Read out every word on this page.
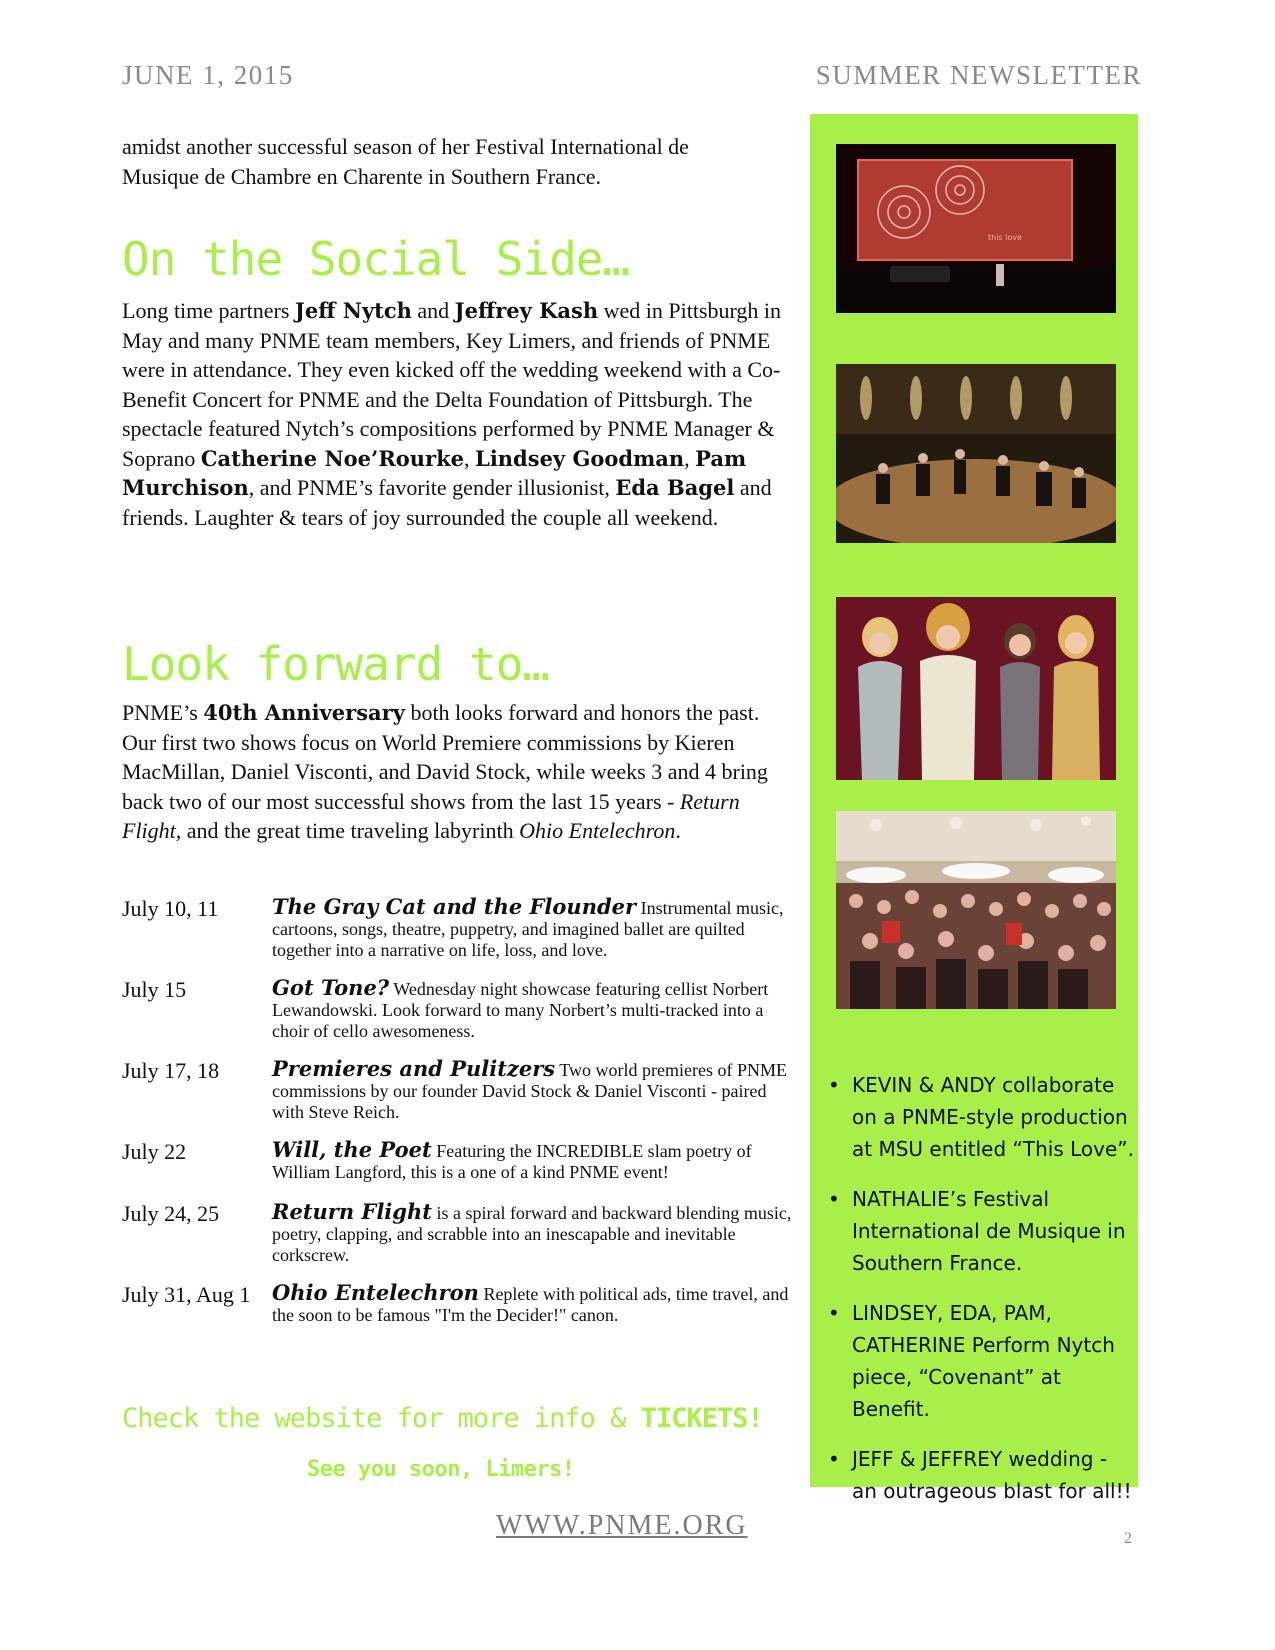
JUNE 1, 2015	SUMMER NEWSLETTER

amidst another successful season of her Festival International de
Musique de Chambre en Charente in Southern France.

On the Social Side…

Long time partners Jeff Nytch and Jeffrey Kash wed in Pittsburgh in May and many PNME team members, Key Limers, and friends of PNME were in attendance. They even kicked off the wedding weekend with a Co-Benefit Concert for PNME and the Delta Foundation of Pittsburgh. The spectacle featured Nytch’s compositions performed by PNME Manager & Soprano Catherine Noe’Rourke, Lindsey Goodman, Pam Murchison, and PNME’s favorite gender illusionist, Eda Bagel and friends. Laughter & tears of joy surrounded the couple all weekend.

Look forward to…

PNME’s 40th Anniversary both looks forward and honors the past. Our first two shows focus on World Premiere commissions by Kieren MacMillan, Daniel Visconti, and David Stock, while weeks 3 and 4 bring back two of our most successful shows from the last 15 years - Return Flight, and the great time traveling labyrinth Ohio Entelechron.

July 10, 11	The Gray Cat and the Flounder Instrumental music, cartoons, songs, theatre, puppetry, and imagined ballet are quilted together into a narrative on life, loss, and love.
July 15	Got Tone? Wednesday night showcase featuring cellist Norbert Lewandowski. Look forward to many Norbert’s multi-tracked into a choir of cello awesomeness.
July 17, 18	Premieres and Pulitzers Two world premieres of PNME commissions by our founder David Stock & Daniel Visconti - paired with Steve Reich.
July 22	Will, the Poet Featuring the INCREDIBLE slam poetry of William Langford, this is a one of a kind PNME event!
July 24, 25	Return Flight is a spiral forward and backward blending music, poetry, clapping, and scrabble into an inescapable and inevitable corkscrew.
July 31, Aug 1	Ohio Entelechron Replete with political ads, time travel, and the soon to be famous "I'm the Decider!" canon.
Check the website for more info & TICKETS!
See you soon, Limers!
WWW.PNME.ORG	2
this love
• KEVIN & ANDY collaborate on a PNME-style production at MSU entitled “This Love”.
• NATHALIE’s Festival International de Musique in Southern France.
• LINDSEY, EDA, PAM, CATHERINE Perform Nytch piece, “Covenant” at Benefit.
• JEFF & JEFFREY wedding - an outrageous blast for all!!
